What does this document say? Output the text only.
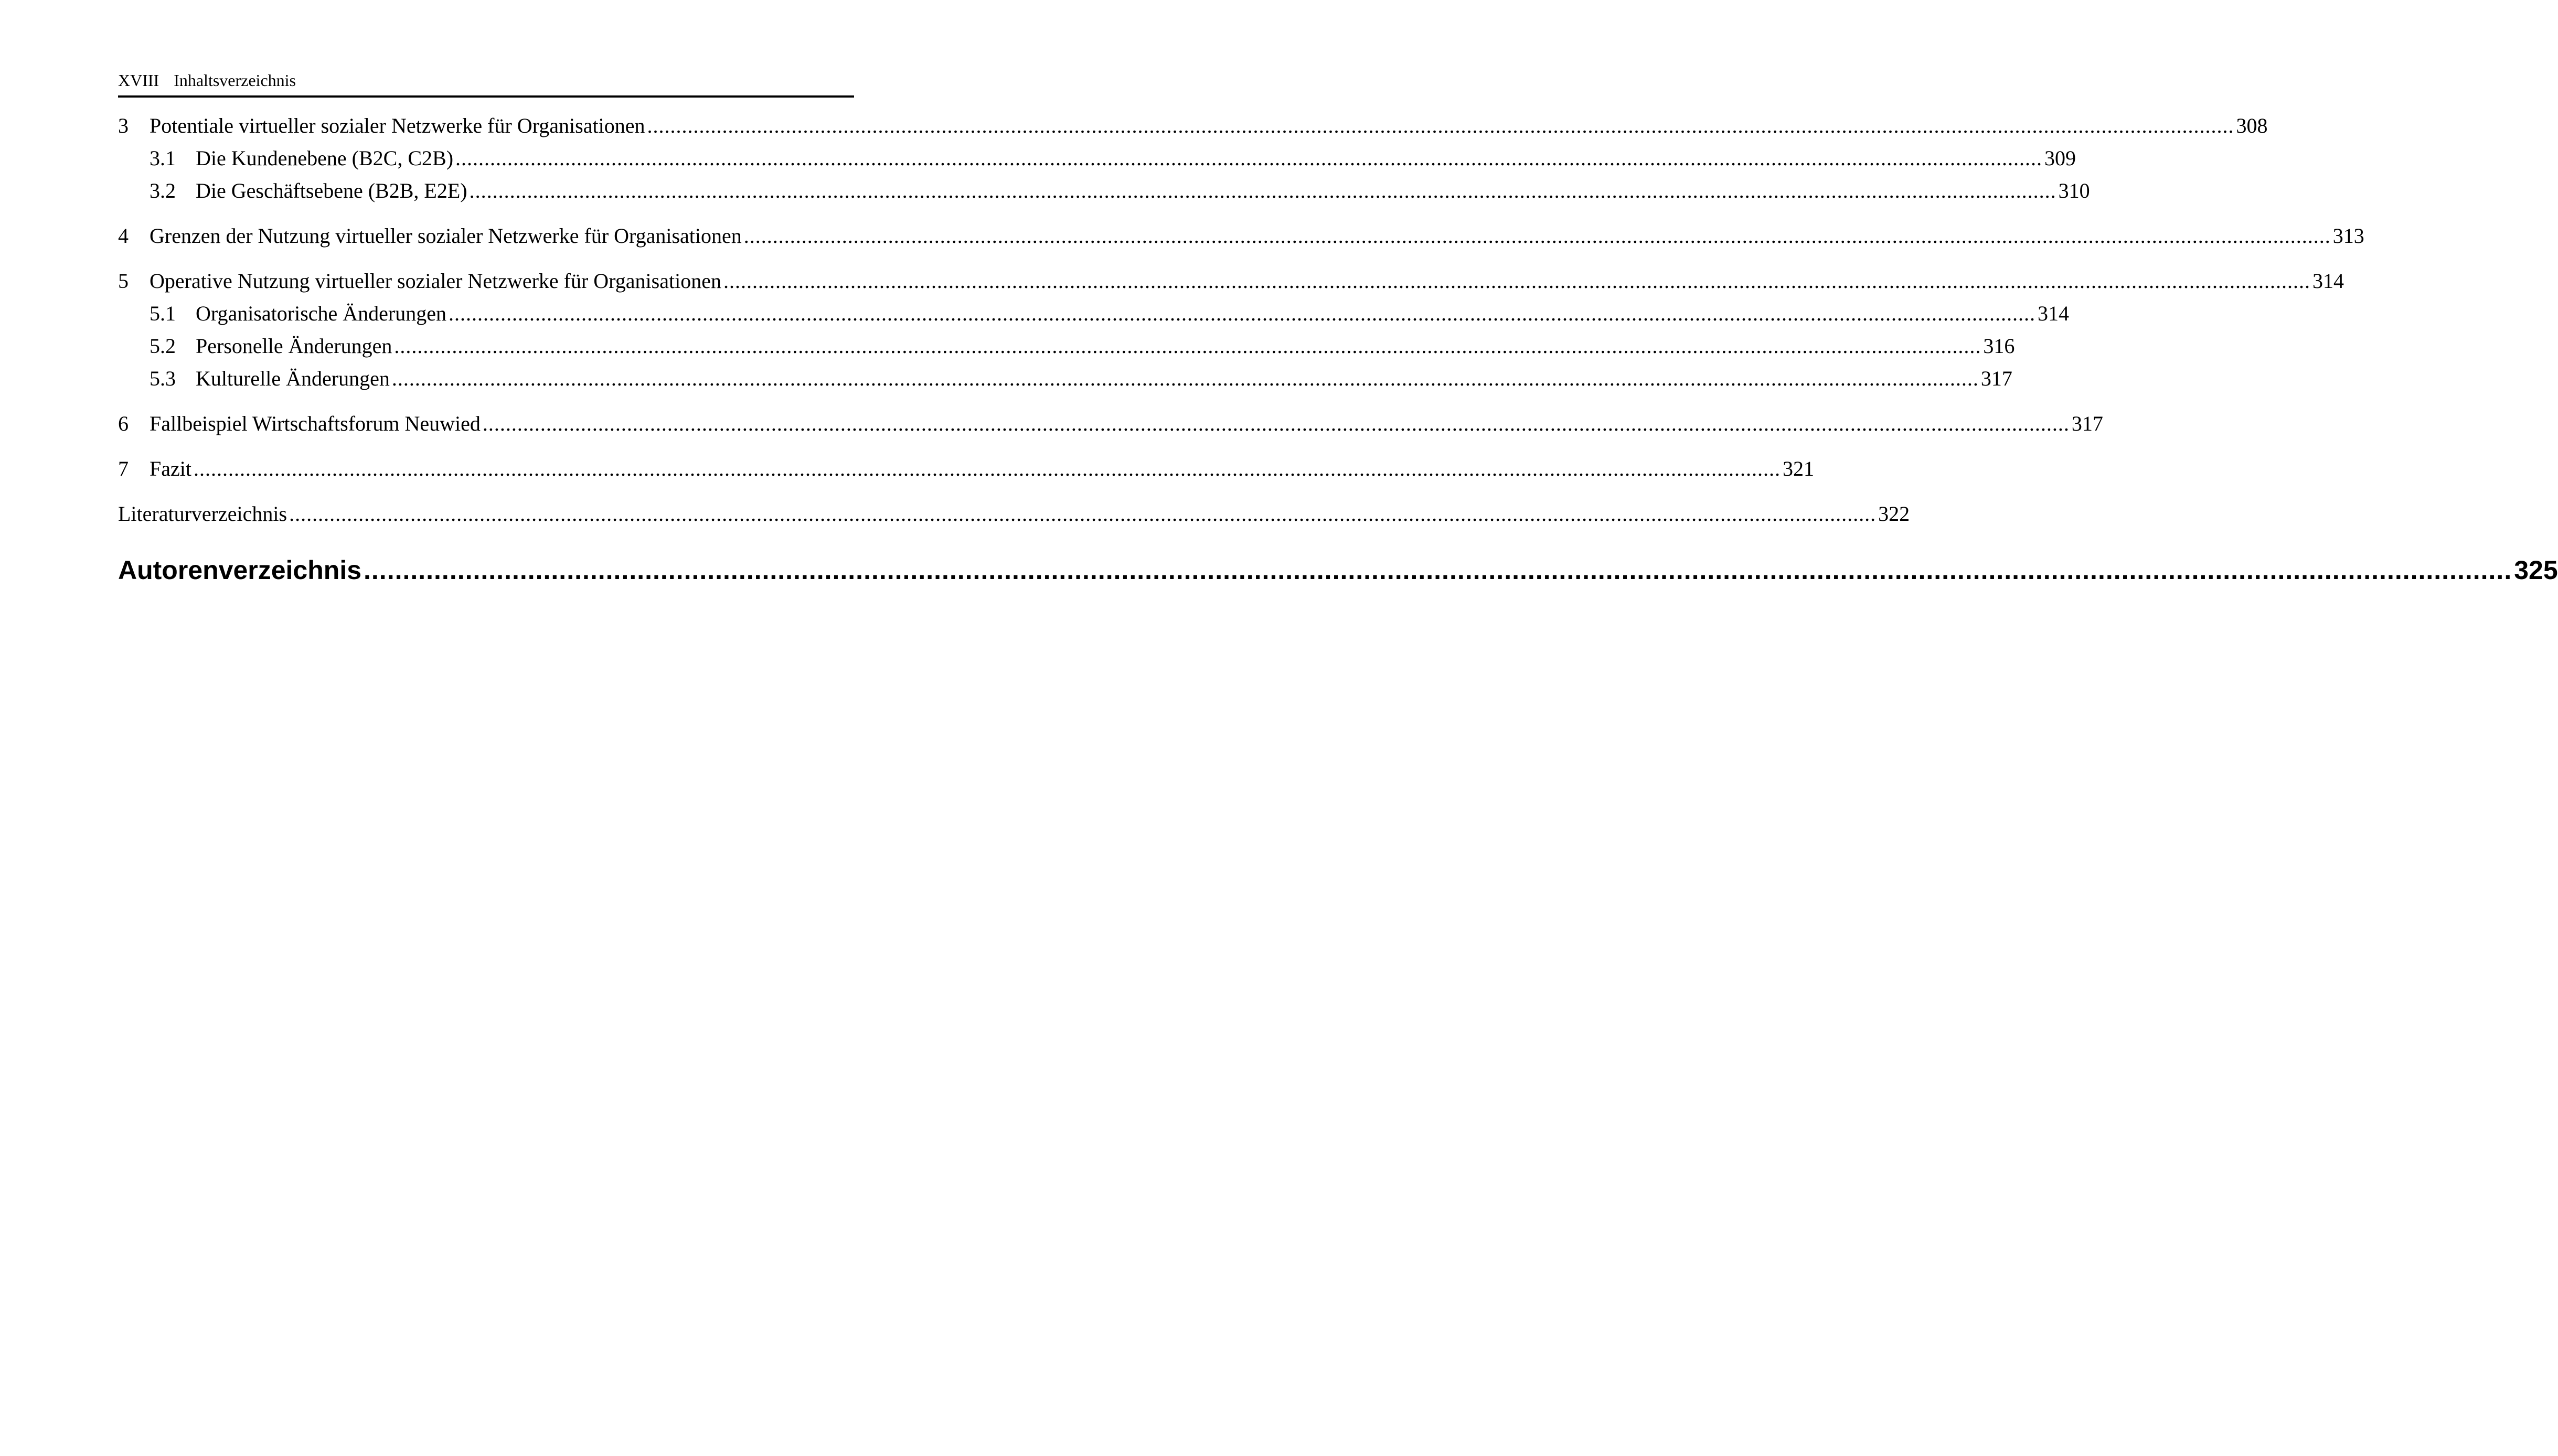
XVIII Inhaltsverzeichnis
3	Potentiale virtueller sozialer Netzwerke für Organisationen .....	308
3.1 Die Kundenebene (B2C, C2B) .....	309
3.2 Die Geschäftsebene (B2B, E2E) .....	310
4	Grenzen der Nutzung virtueller sozialer Netzwerke für Organisationen .....	313
5	Operative Nutzung virtueller sozialer Netzwerke für Organisationen .....	314
5.1 Organisatorische Änderungen .....	314
5.2 Personelle Änderungen .....	316
5.3 Kulturelle Änderungen .....	317
6	Fallbeispiel Wirtschaftsforum Neuwied .....	317
7	Fazit .....	321
Literaturverzeichnis .....	322
Autorenverzeichnis .....	325
